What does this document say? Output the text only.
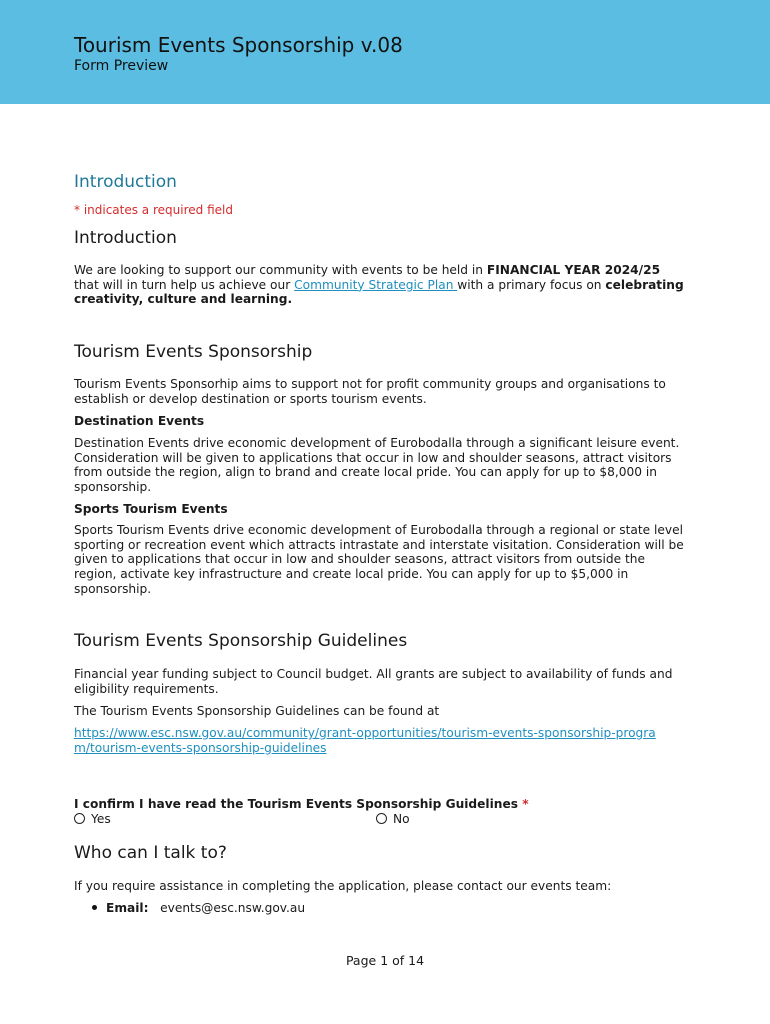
Tourism Events Sponsorship v.08
Form Preview
Introduction
* indicates a required field
Introduction
We are looking to support our community with events to be held in FINANCIAL YEAR 2024/25 that will in turn help us achieve our Community Strategic Plan with a primary focus on celebrating creativity, culture and learning.
Tourism Events Sponsorship
Tourism Events Sponsorhip aims to support not for profit community groups and organisations to establish or develop destination or sports tourism events.
Destination Events
Destination Events drive economic development of Eurobodalla through a significant leisure event. Consideration will be given to applications that occur in low and shoulder seasons, attract visitors from outside the region, align to brand and create local pride. You can apply for up to $8,000 in sponsorship.
Sports Tourism Events
Sports Tourism Events drive economic development of Eurobodalla through a regional or state level sporting or recreation event which attracts intrastate and interstate visitation. Consideration will be given to applications that occur in low and shoulder seasons, attract visitors from outside the region, activate key infrastructure and create local pride. You can apply for up to $5,000 in sponsorship.
Tourism Events Sponsorship Guidelines
Financial year funding subject to Council budget. All grants are subject to availability of funds and eligibility requirements.
The Tourism Events Sponsorship Guidelines can be found at
https://www.esc.nsw.gov.au/community/grant-opportunities/tourism-events-sponsorship-program/tourism-events-sponsorship-guidelines
I confirm I have read the Tourism Events Sponsorship Guidelines *
Yes	No
Who can I talk to?
If you require assistance in completing the application, please contact our events team:
Email: events@esc.nsw.gov.au
Page 1 of 14
